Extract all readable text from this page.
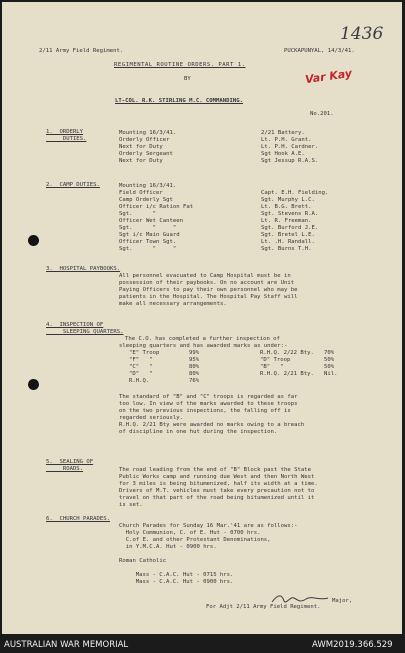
2/11 Army Field Regiment.	PUCKAPUNYAL, 14/3/41.
1436
REGIMENTAL ROUTINE ORDERS. PART 1.
Var Kay
BY
LT-COL. R.K. STIRLING M.C. COMMANDING.
No.201.
1.  ORDERLY
DUTIES.
Mounting 16/3/41.	2/21 Battery.
Orderly Officer	Lt. P.H. Grant.
Next for Duty	Lt. P.H. Cardner.
Orderly Sergeant	Sgt Hook A.E.
Next for Duty	Sgt Jessup R.A.S.
2.  CAMP DUTIES.	Mounting 16/3/41.
Field Officer	Capt. E.H. Fielding.
Camp Orderly Sgt	Sgt. Murphy L.C.
Officer i/c Ration Fat	Lt. B.G. Brett.
Sgt.      "	Sgt. Stevens R.A.
Officer Wet Canteen	Lt. R. Freeman.
Sgt.      "     "	Sgt. Burford J.E.
Sgt i/c Main Guard	Sgt. Bretel L.E.
Officer Town Sgt.	Lt. .H. Randall.
Sgt.      "     "	Sgt. Burns T.H.
3.  HOSPITAL PAYBOOKS.
All personnel evacuated to Camp Hospital must be in
possession of their paybooks. On no account are Unit
Paying Officers to pay their own personnel who may be
patients in the Hospital. The Hospital Pay Staff will
make all necessary arrangements.
4.  INSPECTION OF
SLEEPING QUARTERS.
The C.O. has completed a further inspection of
sleeping quarters and has awarded marks as under:-
"E" Troop	99%	R.H.Q. 2/22 Bty. 70%
"F"   "	95%	"D" Troop	50%
"C"   "	80%	"B"   "	50%
"D"   "	80%	R.H.Q. 2/21 Bty. Nil.
R.H.Q.	76%
The standard of "B" and "C" troops is regarded as far
too low. In view of the marks awarded to these troops
on the two previous inspections, the falling off is
regarded seriously.
R.H.Q. 2/21 Bty were awarded no marks owing to a breach
of discipline in one hut during the inspection.
5.  SEALING OF
ROADS.	The road leading from the end of "B" Block past the State
Public Works camp and running due West and then North West
for 3 miles is being bitumenized, half its width at a time.
Drivers of M.T. vehicles must take every precaution not to
travel on that part of the road being bitumenized until it
is set.
6.  CHURCH PARADES.
Church Parades for Sunday 16 Mar.'41 are as follows:-
Holy Communion, C. of E. Hut - 0700 hrs.
C.of E. and other Protestant Denominations,
in Y.M.C.A. Hut - 0900 hrs.
Roman Catholic
Mass - C.A.C. Hut - 0715 hrs.
Mass - C.A.C. Hut - 0900 hrs.
Major,
For Adjt 2/11 Army Field Regiment.
AUSTRALIAN WAR MEMORIAL	AWM2019.366.529
